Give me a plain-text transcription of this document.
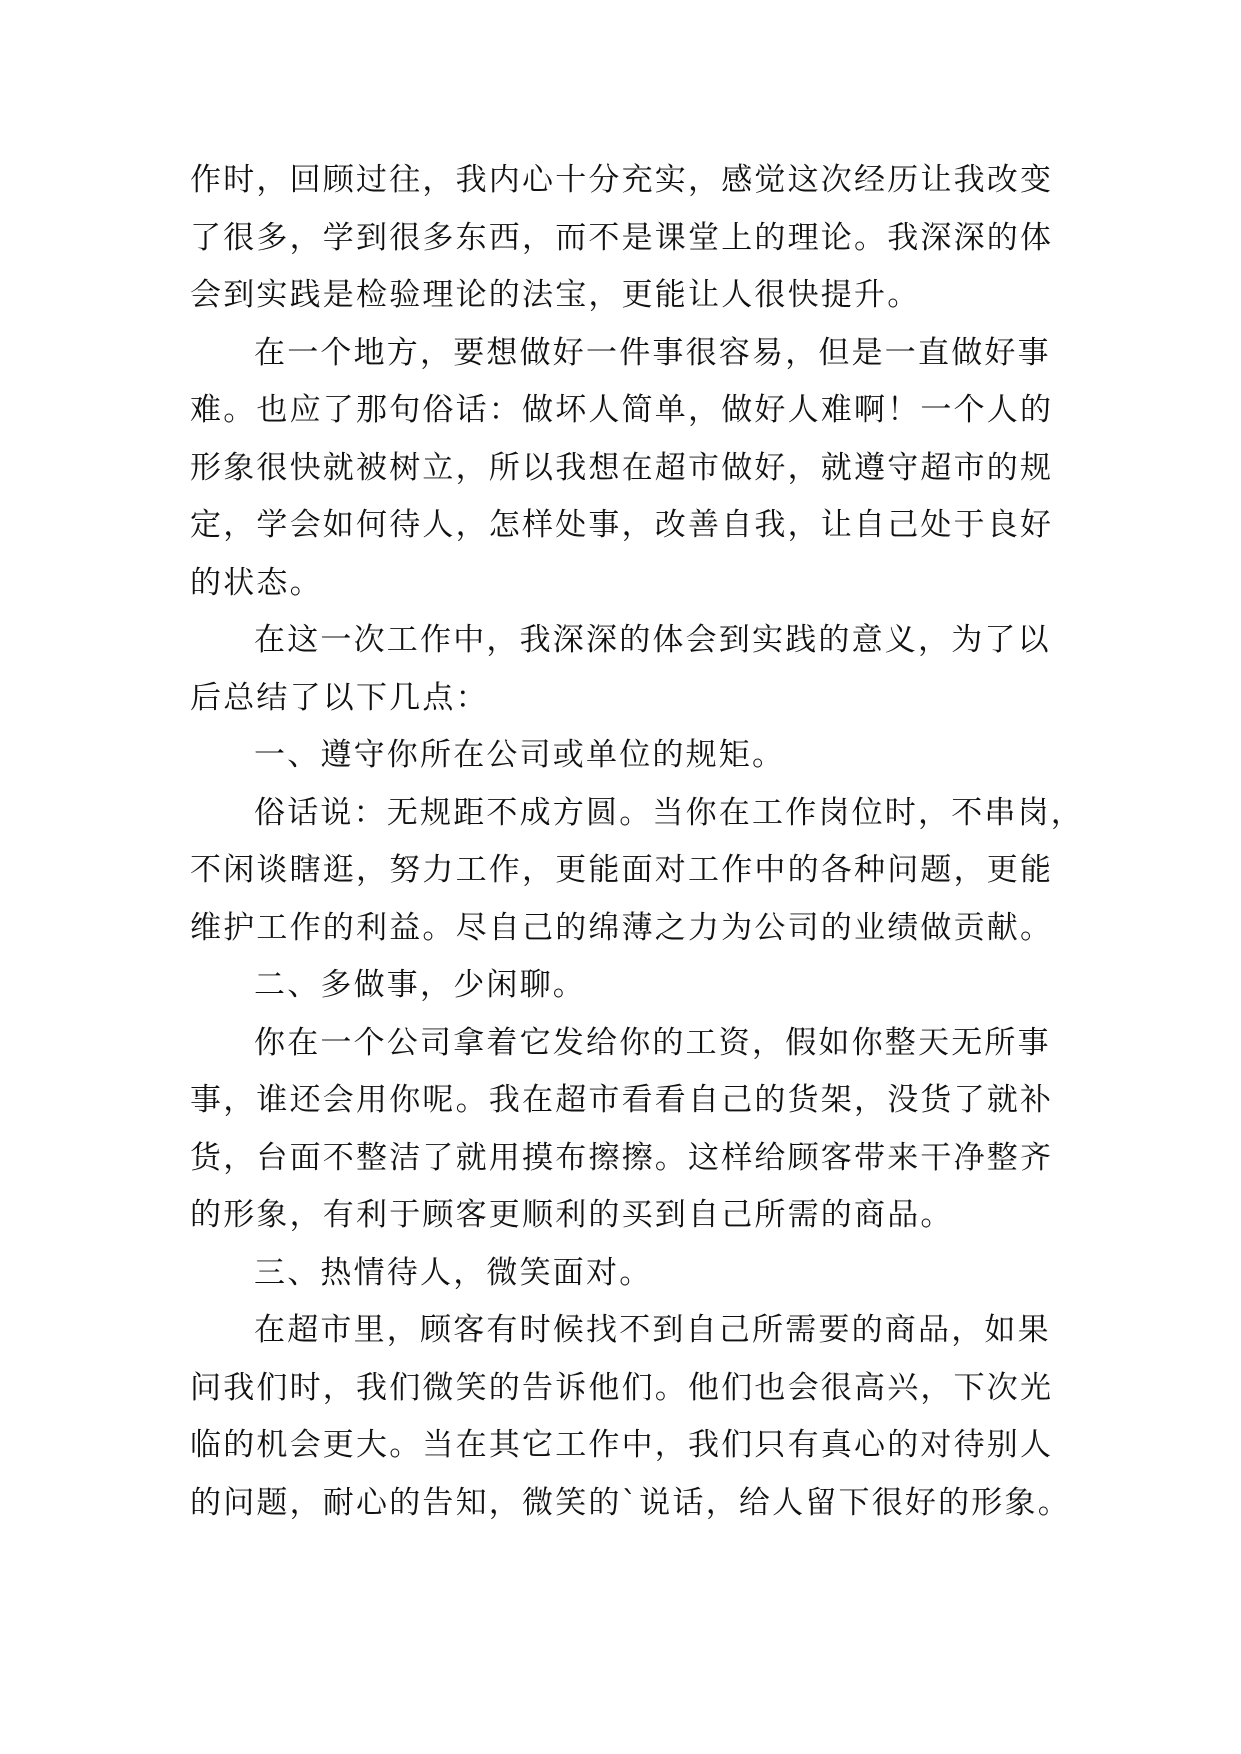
作时，回顾过往，我内心十分充实，感觉这次经历让我改变
了很多，学到很多东西，而不是课堂上的理论。我深深的体
会到实践是检验理论的法宝，更能让人很快提升。
在一个地方，要想做好一件事很容易，但是一直做好事
难。也应了那句俗话：做坏人简单，做好人难啊！一个人的
形象很快就被树立，所以我想在超市做好，就遵守超市的规
定，学会如何待人，怎样处事，改善自我，让自己处于良好
的状态。
在这一次工作中，我深深的体会到实践的意义，为了以
后总结了以下几点：
一、遵守你所在公司或单位的规矩。
俗话说：无规距不成方圆。当你在工作岗位时，不串岗，
不闲谈瞎逛，努力工作，更能面对工作中的各种问题，更能
维护工作的利益。尽自己的绵薄之力为公司的业绩做贡献。
二、多做事，少闲聊。
你在一个公司拿着它发给你的工资，假如你整天无所事
事，谁还会用你呢。我在超市看看自己的货架，没货了就补
货，台面不整洁了就用摸布擦擦。这样给顾客带来干净整齐
的形象，有利于顾客更顺利的买到自己所需的商品。
三、热情待人，微笑面对。
在超市里，顾客有时候找不到自己所需要的商品，如果
问我们时，我们微笑的告诉他们。他们也会很高兴，下次光
临的机会更大。当在其它工作中，我们只有真心的对待别人
的问题，耐心的告知，微笑的`说话，给人留下很好的形象。
